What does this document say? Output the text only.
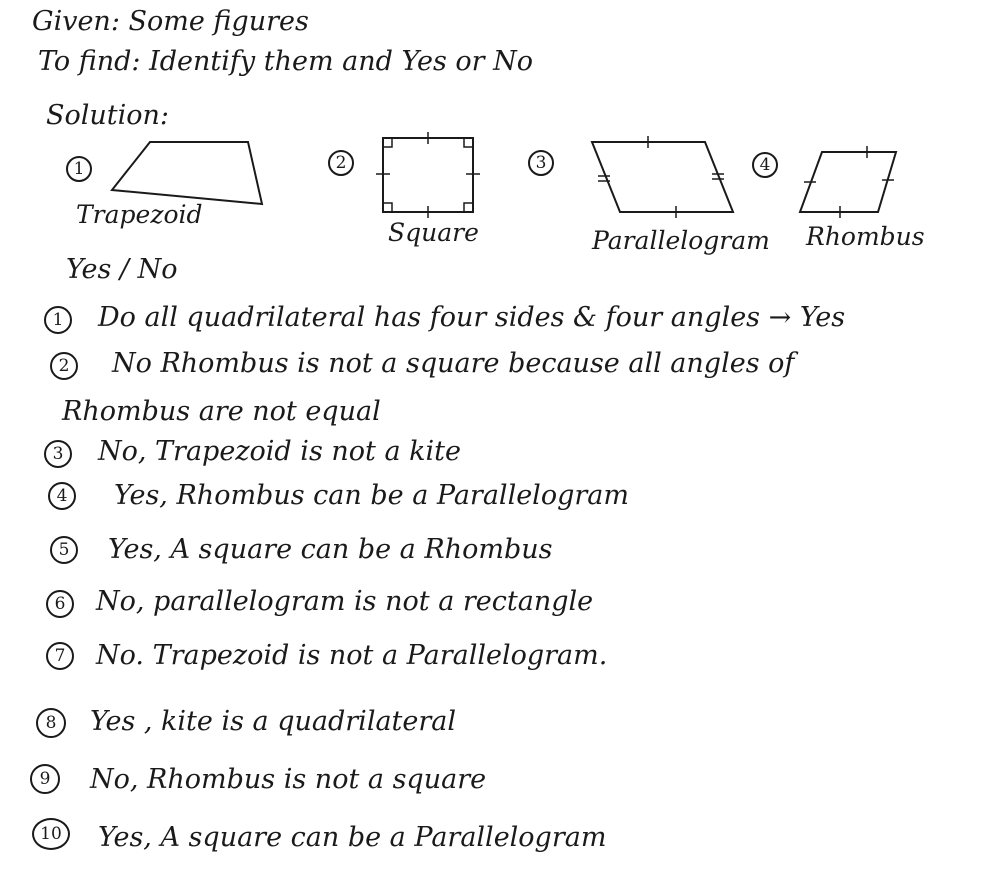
Given: Some figures
To find: Identify them and Yes or No
Solution:
1
Trapezoid
2
Square
3
Parallelogram
4
Rhombus
Yes / No
1	Do all quadrilateral has four sides & four angles → Yes
2	No Rhombus is not a square because all angles of
Rhombus are not equal
3	No, Trapezoid is not a kite
4	Yes, Rhombus can be a Parallelogram
5	Yes, A square can be a Rhombus
6	No, parallelogram is not a rectangle
7	No. Trapezoid is not a Parallelogram.
8	Yes , kite is a quadrilateral
9	No, Rhombus is not a square
10	Yes, A square can be a Parallelogram
